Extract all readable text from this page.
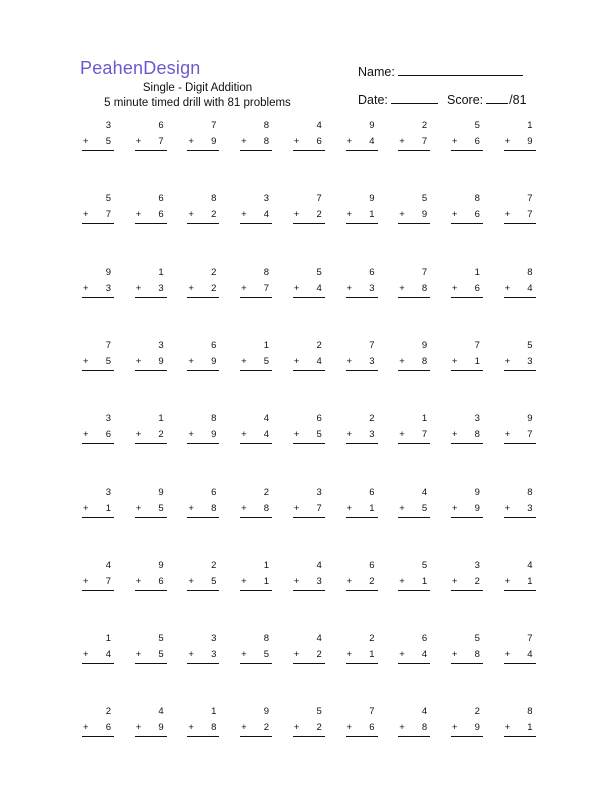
PeahenDesign
Single - Digit Addition
5 minute timed drill with 81 problems
Name:
Date:	Score: /81
3
+ 5
6
+ 7
7
+ 9
8
+ 8
4
+ 6
9
+ 4
2
+ 7
5
+ 6
1
+ 9
5
+ 7
6
+ 6
8
+ 2
3
+ 4
7
+ 2
9
+ 1
5
+ 9
8
+ 6
7
+ 7
9
+ 3
1
+ 3
2
+ 2
8
+ 7
5
+ 4
6
+ 3
7
+ 8
1
+ 6
8
+ 4
7
+ 5
3
+ 9
6
+ 9
1
+ 5
2
+ 4
7
+ 3
9
+ 8
7
+ 1
5
+ 3
3
+ 6
1
+ 2
8
+ 9
4
+ 4
6
+ 5
2
+ 3
1
+ 7
3
+ 8
9
+ 7
3
+ 1
9
+ 5
6
+ 8
2
+ 8
3
+ 7
6
+ 1
4
+ 5
9
+ 9
8
+ 3
4
+ 7
9
+ 6
2
+ 5
1
+ 1
4
+ 3
6
+ 2
5
+ 1
3
+ 2
4
+ 1
1
+ 4
5
+ 5
3
+ 3
8
+ 5
4
+ 2
2
+ 1
6
+ 4
5
+ 8
7
+ 4
2
+ 6
4
+ 9
1
+ 8
9
+ 2
5
+ 2
7
+ 6
4
+ 8
2
+ 9
8
+ 1
